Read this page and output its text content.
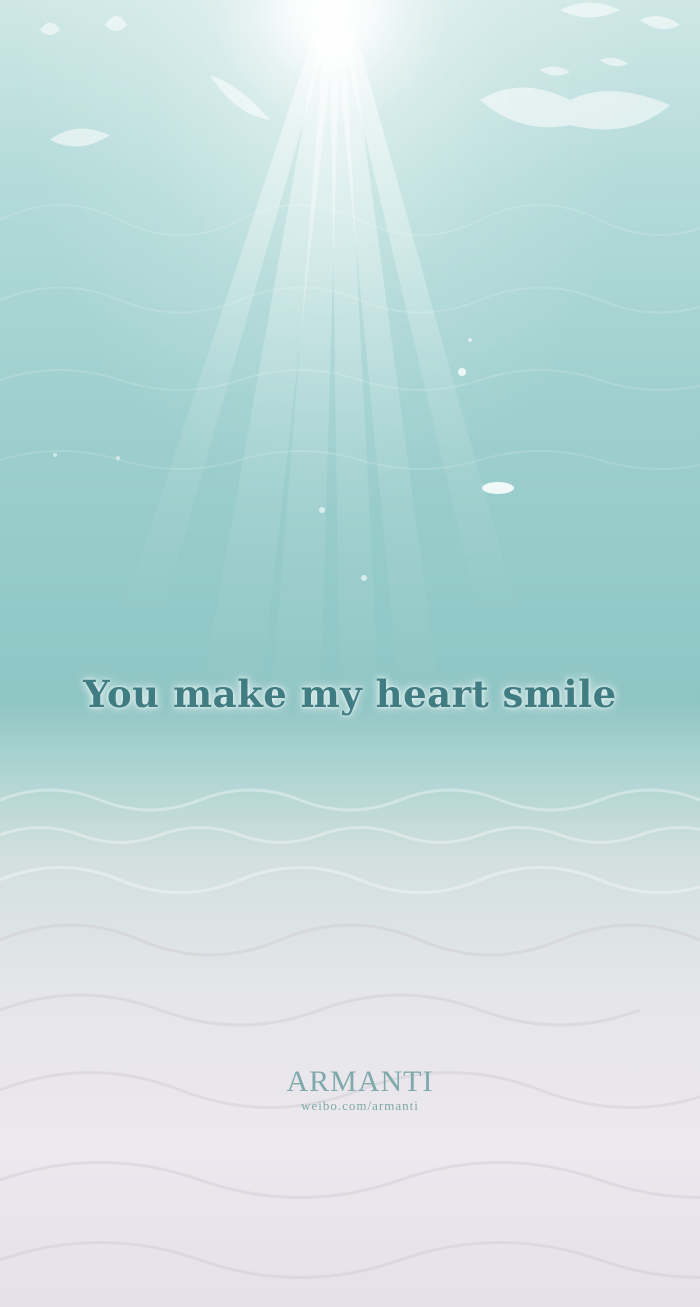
You make my heart smile
ARMANTI
weibo.com/armanti
